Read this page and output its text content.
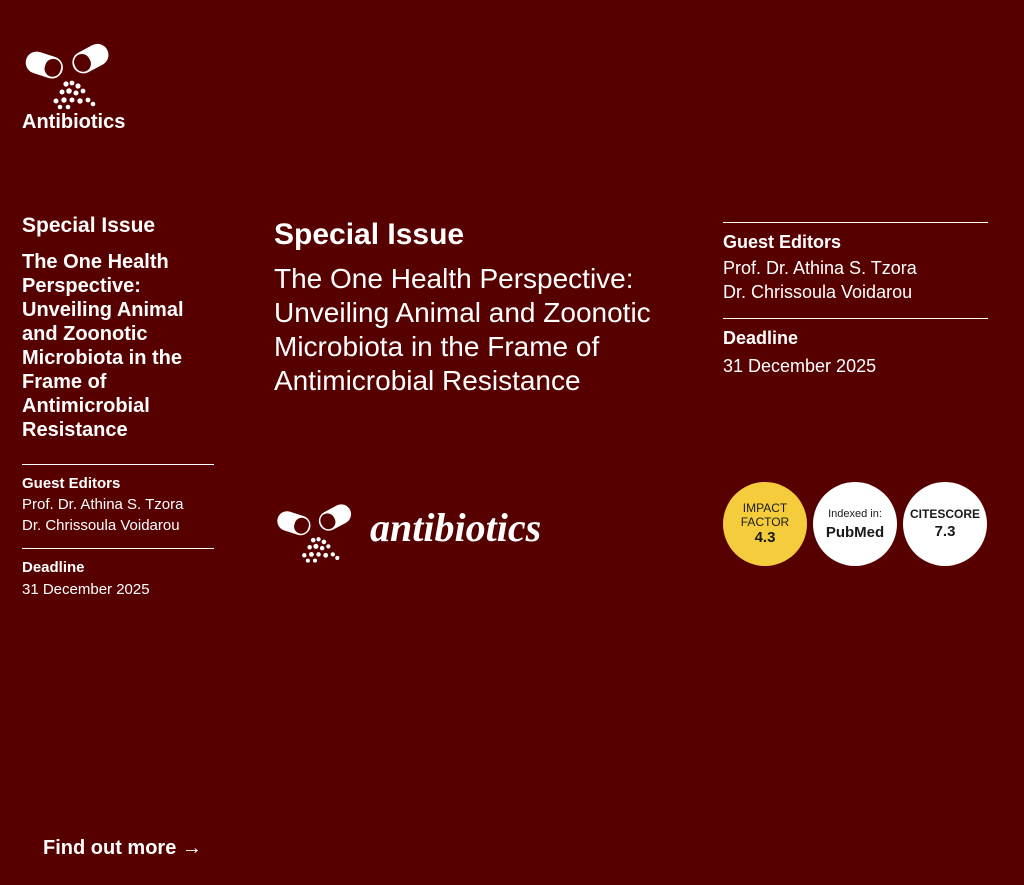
Antibiotics
Special Issue
The One Health Perspective: Unveiling Animal and Zoonotic Microbiota in the Frame of Antimicrobial Resistance
Guest Editors
Prof. Dr. Athina S. Tzora
Dr. Chrissoula Voidarou
Deadline
31 December 2025
Special Issue
The One Health Perspective: Unveiling Animal and Zoonotic Microbiota in the Frame of Antimicrobial Resistance
antibiotics
Guest Editors
Prof. Dr. Athina S. Tzora
Dr. Chrissoula Voidarou
Deadline
31 December 2025
IMPACT
FACTOR
4.3
Indexed in:
PubMed
CITESCORE
7.3
Find out more →
